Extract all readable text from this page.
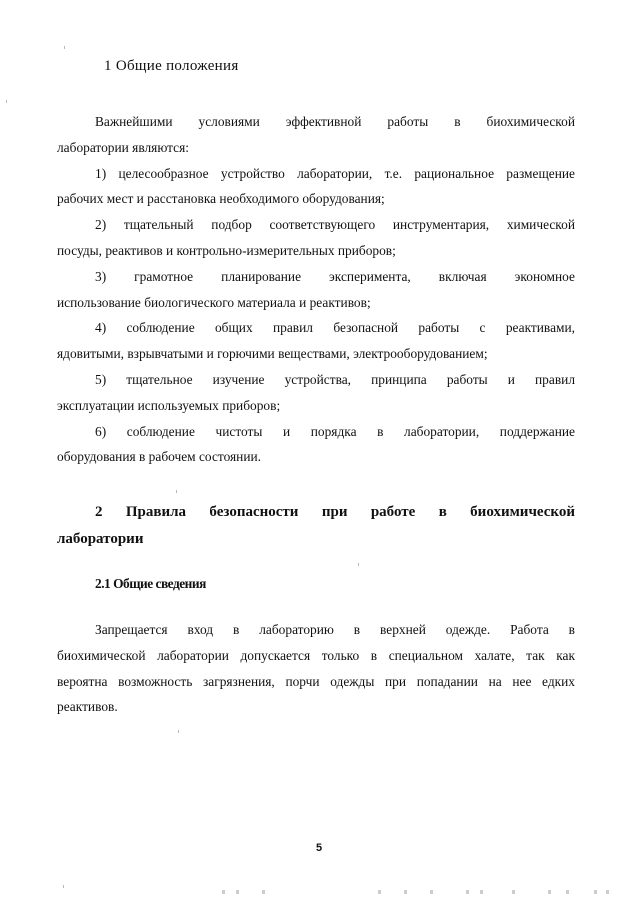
1 Общие положения

Важнейшими условиями эффективной работы в биохимической

лаборатории являются:

1) целесообразное устройство лаборатории, т.е. рациональное размещение

рабочих мест и расстановка необходимого оборудования;

2) тщательный подбор соответствующего инструментария, химической

посуды, реактивов и контрольно-измерительных приборов;

3) грамотное планирование эксперимента, включая экономное

использование биологического материала и реактивов;

4) соблюдение общих правил безопасной работы с реактивами,

ядовитыми, взрывчатыми и горючими веществами, электрооборудованием;

5) тщательное изучение устройства, принципа работы и правил

эксплуатации используемых приборов;

6) соблюдение чистоты и порядка в лаборатории, поддержание

оборудования в рабочем состоянии.

2 Правила безопасности при работе в биохимической

лаборатории

2.1 Общие сведения

Запрещается вход в лабораторию в верхней одежде. Работа в

биохимической лаборатории допускается только в специальном халате, так как

вероятна возможность загрязнения, порчи одежды при попадании на нее едких

реактивов.

5
